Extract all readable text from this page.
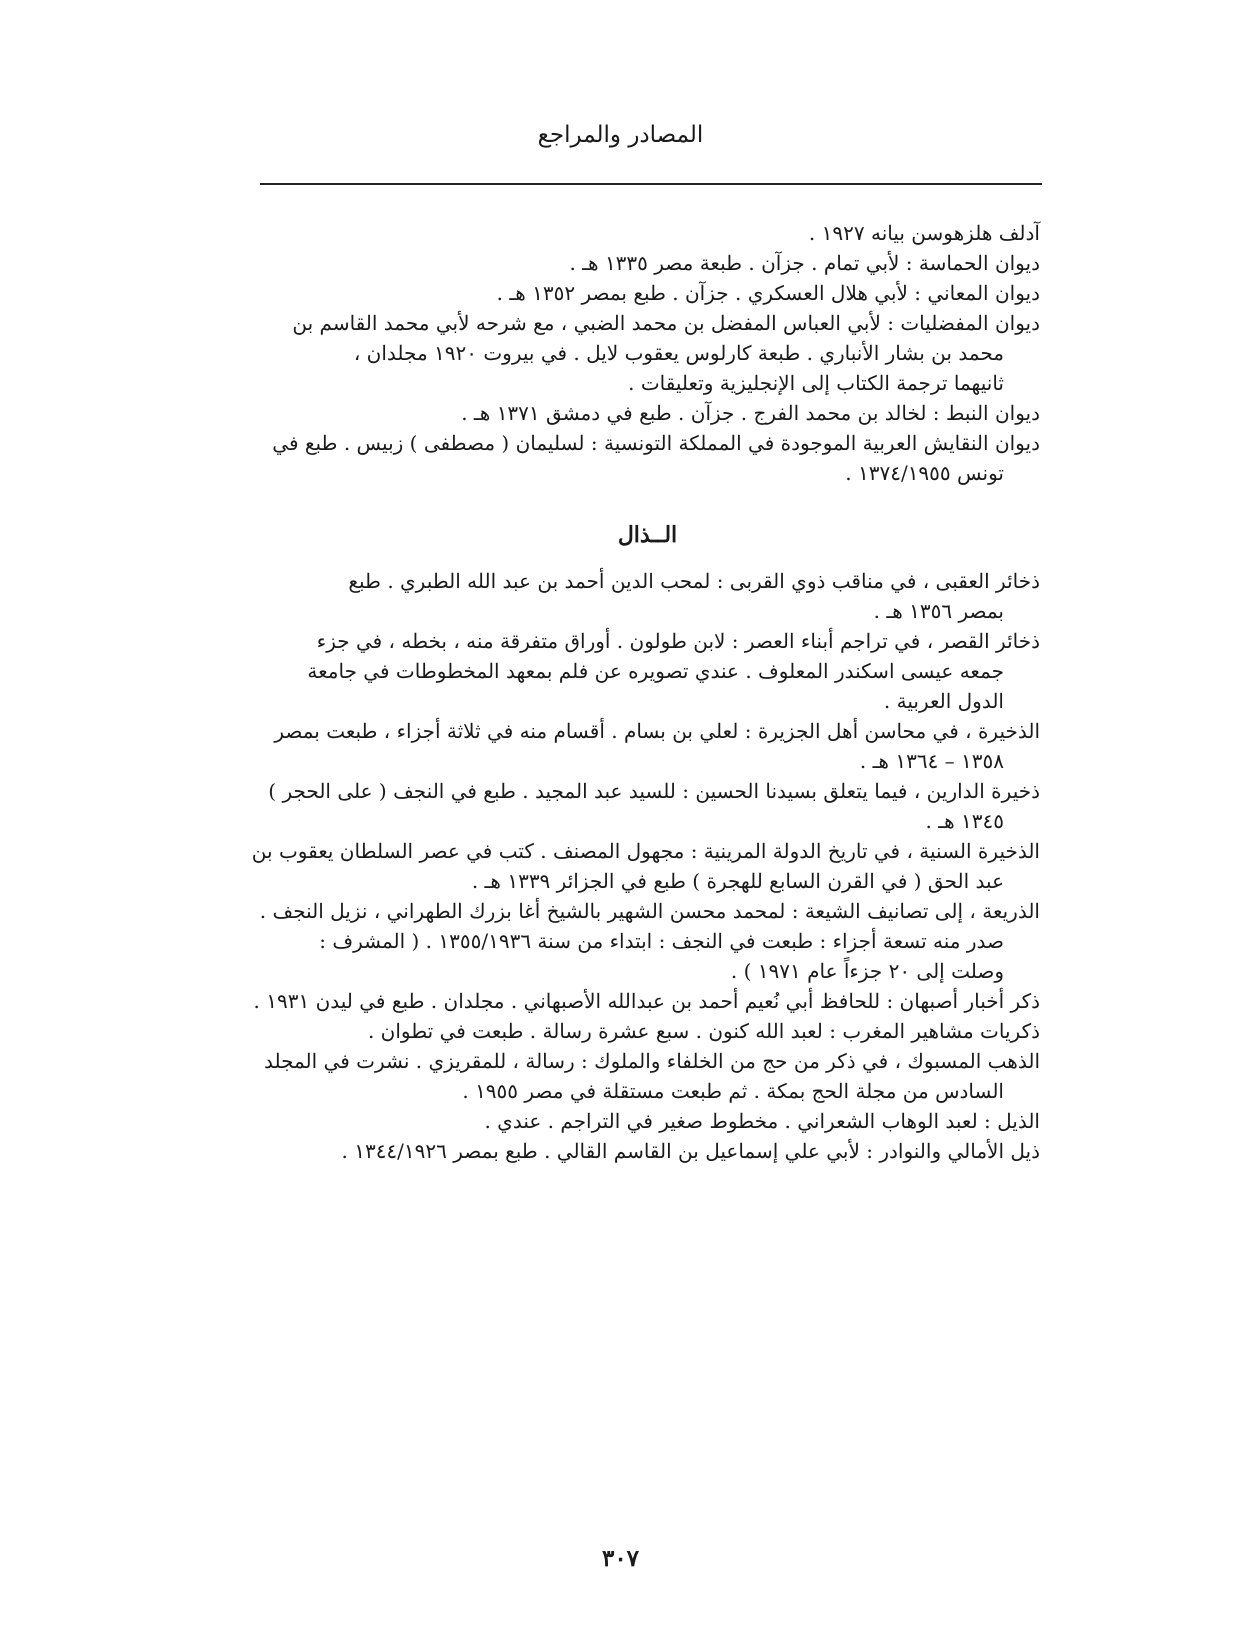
المصادر والمراجع
آدلف هلزهوسن بيانه ١٩٢٧ .
ديوان الحماسة : لأبي تمام . جزآن . طبعة مصر ١٣٣٥ هـ .
ديوان المعاني : لأبي هلال العسكري . جزآن . طبع بمصر ١٣٥٢ هـ .
ديوان المفضليات : لأبي العباس المفضل بن محمد الضبي ، مع شرحه لأبي محمد القاسم بن
محمد بن بشار الأنباري . طبعة كارلوس يعقوب لايل . في بيروت ١٩٢٠ مجلدان ،
ثانيهما ترجمة الكتاب إلى الإنجليزية وتعليقات .
ديوان النبط : لخالد بن محمد الفرج . جزآن . طبع في دمشق ١٣٧١ هـ .
ديوان النقايش العربية الموجودة في المملكة التونسية : لسليمان ( مصطفى ) زبيس . طبع في
تونس ١٣٧٤/١٩٥٥ .
الــذال
ذخائر العقبى ، في مناقب ذوي القربى : لمحب الدين أحمد بن عبد الله الطبري . طبع
بمصر ١٣٥٦ هـ .
ذخائر القصر ، في تراجم أبناء العصر : لابن طولون . أوراق متفرقة منه ، بخطه ، في جزء
جمعه عيسى اسكندر المعلوف . عندي تصويره عن فلم بمعهد المخطوطات في جامعة
الدول العربية .
الذخيرة ، في محاسن أهل الجزيرة : لعلي بن بسام . أقسام منه في ثلاثة أجزاء ، طبعت بمصر
١٣٥٨ – ١٣٦٤ هـ .
ذخيرة الدارين ، فيما يتعلق بسيدنا الحسين : للسيد عبد المجيد . طبع في النجف ( على الحجر )
١٣٤٥ هـ .
الذخيرة السنية ، في تاريخ الدولة المرينية : مجهول المصنف . كتب في عصر السلطان يعقوب بن
عبد الحق ( في القرن السابع للهجرة ) طبع في الجزائر ١٣٣٩ هـ .
الذريعة ، إلى تصانيف الشيعة : لمحمد محسن الشهير بالشيخ أغا بزرك الطهراني ، نزيل النجف .
صدر منه تسعة أجزاء : طبعت في النجف : ابتداء من سنة ١٣٥٥/١٩٣٦ . ( المشرف :
وصلت إلى ٢٠ جزءاً عام ١٩٧١ ) .
ذكر أخبار أصبهان : للحافظ أبي نُعيم أحمد بن عبدالله الأصبهاني . مجلدان . طبع في ليدن ١٩٣١ .
ذكريات مشاهير المغرب : لعبد الله كنون . سبع عشرة رسالة . طبعت في تطوان .
الذهب المسبوك ، في ذكر من حج من الخلفاء والملوك : رسالة ، للمقريزي . نشرت في المجلد
السادس من مجلة الحج بمكة . ثم طبعت مستقلة في مصر ١٩٥٥ .
الذيل : لعبد الوهاب الشعراني . مخطوط صغير في التراجم . عندي .
ذيل الأمالي والنوادر : لأبي علي إسماعيل بن القاسم القالي . طبع بمصر ١٣٤٤/١٩٢٦ .
٣٠٧
